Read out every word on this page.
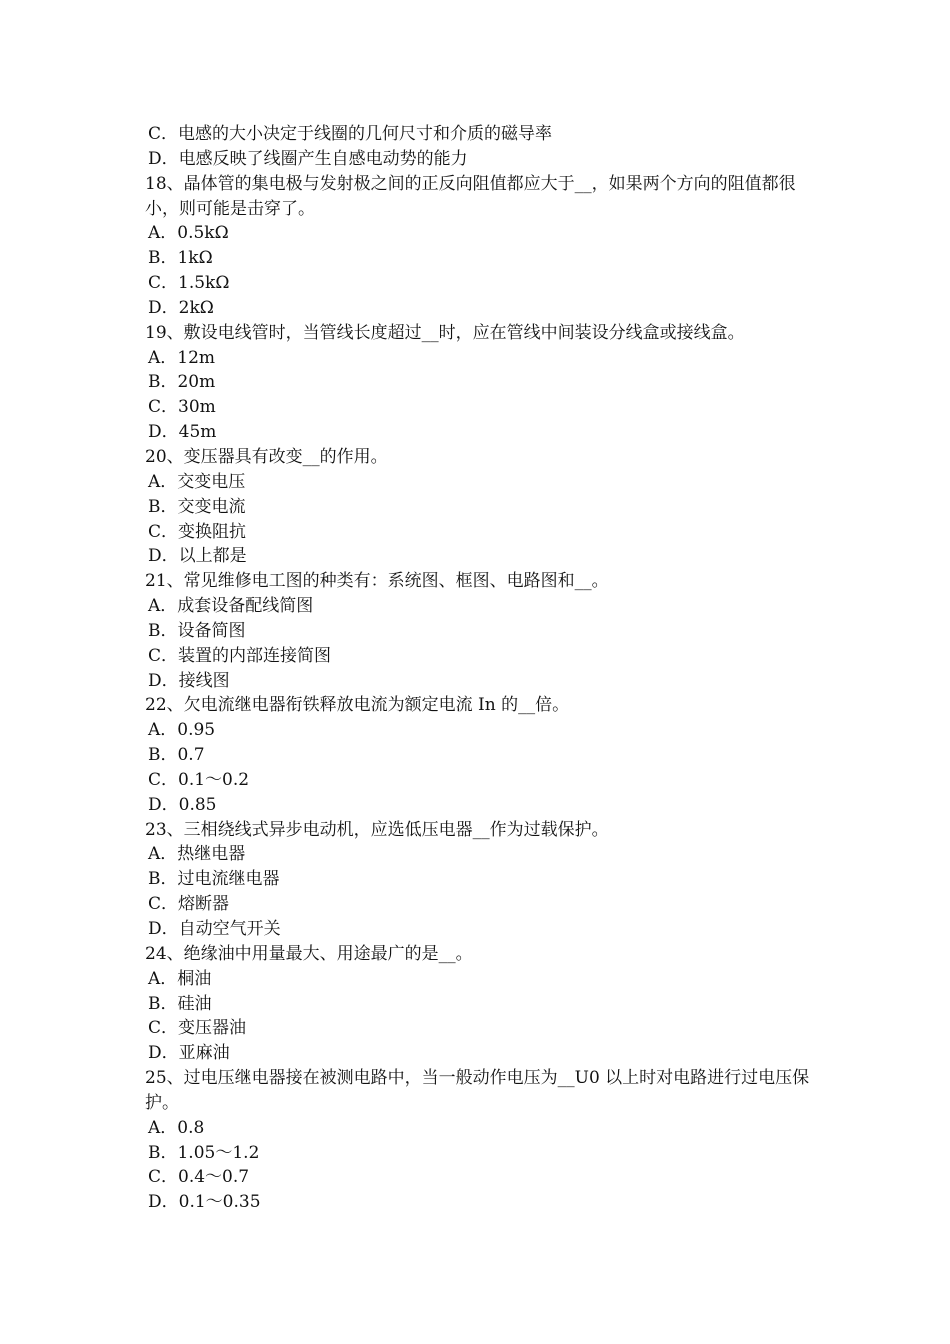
C．电感的大小决定于线圈的几何尺寸和介质的磁导率
D．电感反映了线圈产生自感电动势的能力
18、晶体管的集电极与发射极之间的正反向阻值都应大于__，如果两个方向的阻值都很小，则可能是击穿了。
A．0.5kΩ
B．1kΩ
C．1.5kΩ
D．2kΩ
19、敷设电线管时，当管线长度超过__时，应在管线中间装设分线盒或接线盒。
A．12m
B．20m
C．30m
D．45m
20、变压器具有改变__的作用。
A．交变电压
B．交变电流
C．变换阻抗
D．以上都是
21、常见维修电工图的种类有：系统图、框图、电路图和__。
A．成套设备配线简图
B．设备简图
C．装置的内部连接简图
D．接线图
22、欠电流继电器衔铁释放电流为额定电流 In 的__倍。
A．0.95
B．0.7
C．0.1～0.2
D．0.85
23、三相绕线式异步电动机，应选低压电器__作为过载保护。
A．热继电器
B．过电流继电器
C．熔断器
D．自动空气开关
24、绝缘油中用量最大、用途最广的是__。
A．桐油
B．硅油
C．变压器油
D．亚麻油
25、过电压继电器接在被测电路中，当一般动作电压为__U0 以上时对电路进行过电压保护。
A．0.8
B．1.05～1.2
C．0.4～0.7
D．0.1～0.35
